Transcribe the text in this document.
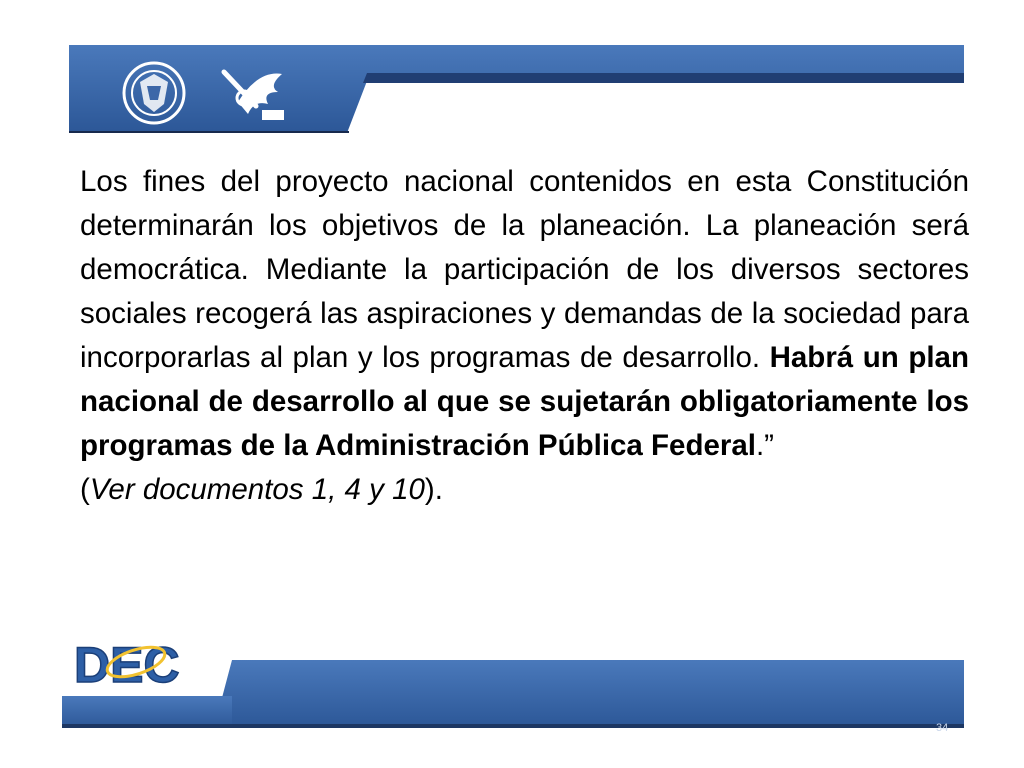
Los fines del proyecto nacional contenidos en esta Constitución determinarán los objetivos de la planeación. La planeación será democrática. Mediante la participación de los diversos sectores sociales recogerá las aspiraciones y demandas de la sociedad para incorporarlas al plan y los programas de desarrollo. Habrá un plan nacional de desarrollo al que se sujetarán obligatoriamente los programas de la Administración Pública Federal.”

(Ver documentos 1, 4 y 10).

DEC
34
